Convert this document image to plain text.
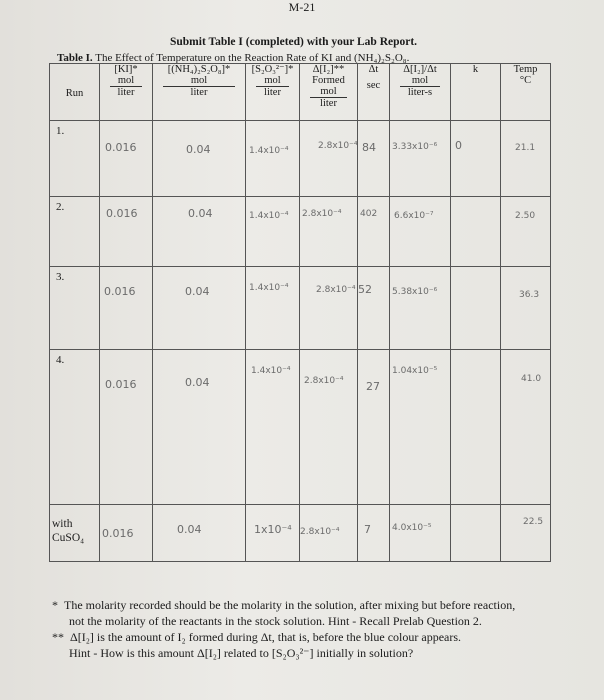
M-21
Submit Table I (completed) with your Lab Report.
Table I. The Effect of Temperature on the Reaction Rate of KI and (NH₄)₂S₂O₈.
Run	[KI]*
mol
liter	[(NH₄)₂S₂O₈]*
mol
liter	[S₂O₃²⁻]*
mol
liter	Δ[I₂]**
Formed
mol
liter	Δt
sec	Δ[I₂]/Δt
mol
liter-s	k	Temp
°C

1.	0.016	0.04	1.4x10⁻⁴	2.8x10⁻⁴	84	3.33x10⁻⁶	0	21.1

2.	0.016	0.04	1.4x10⁻⁴	2.8x10⁻⁴	402	6.6x10⁻⁷		2.50

3.	0.016	0.04	1.4x10⁻⁴	2.8x10⁻⁴	52	5.38x10⁻⁶		36.3

4.	0.016	0.04	1.4x10⁻⁴	2.8x10⁻⁴	27	1.04x10⁻⁵		41.0

with
CuSO₄	0.016	0.04	1x10⁻⁴	2.8x10⁻⁴	7	4.0x10⁻⁵		22.5
* The molarity recorded should be the molarity in the solution, after mixing but before reaction,
not the molarity of the reactants in the stock solution. Hint - Recall Prelab Question 2.
** Δ[I₂] is the amount of I₂ formed during Δt, that is, before the blue colour appears.
Hint - How is this amount Δ[I₂] related to [S₂O₃²⁻] initially in solution?
